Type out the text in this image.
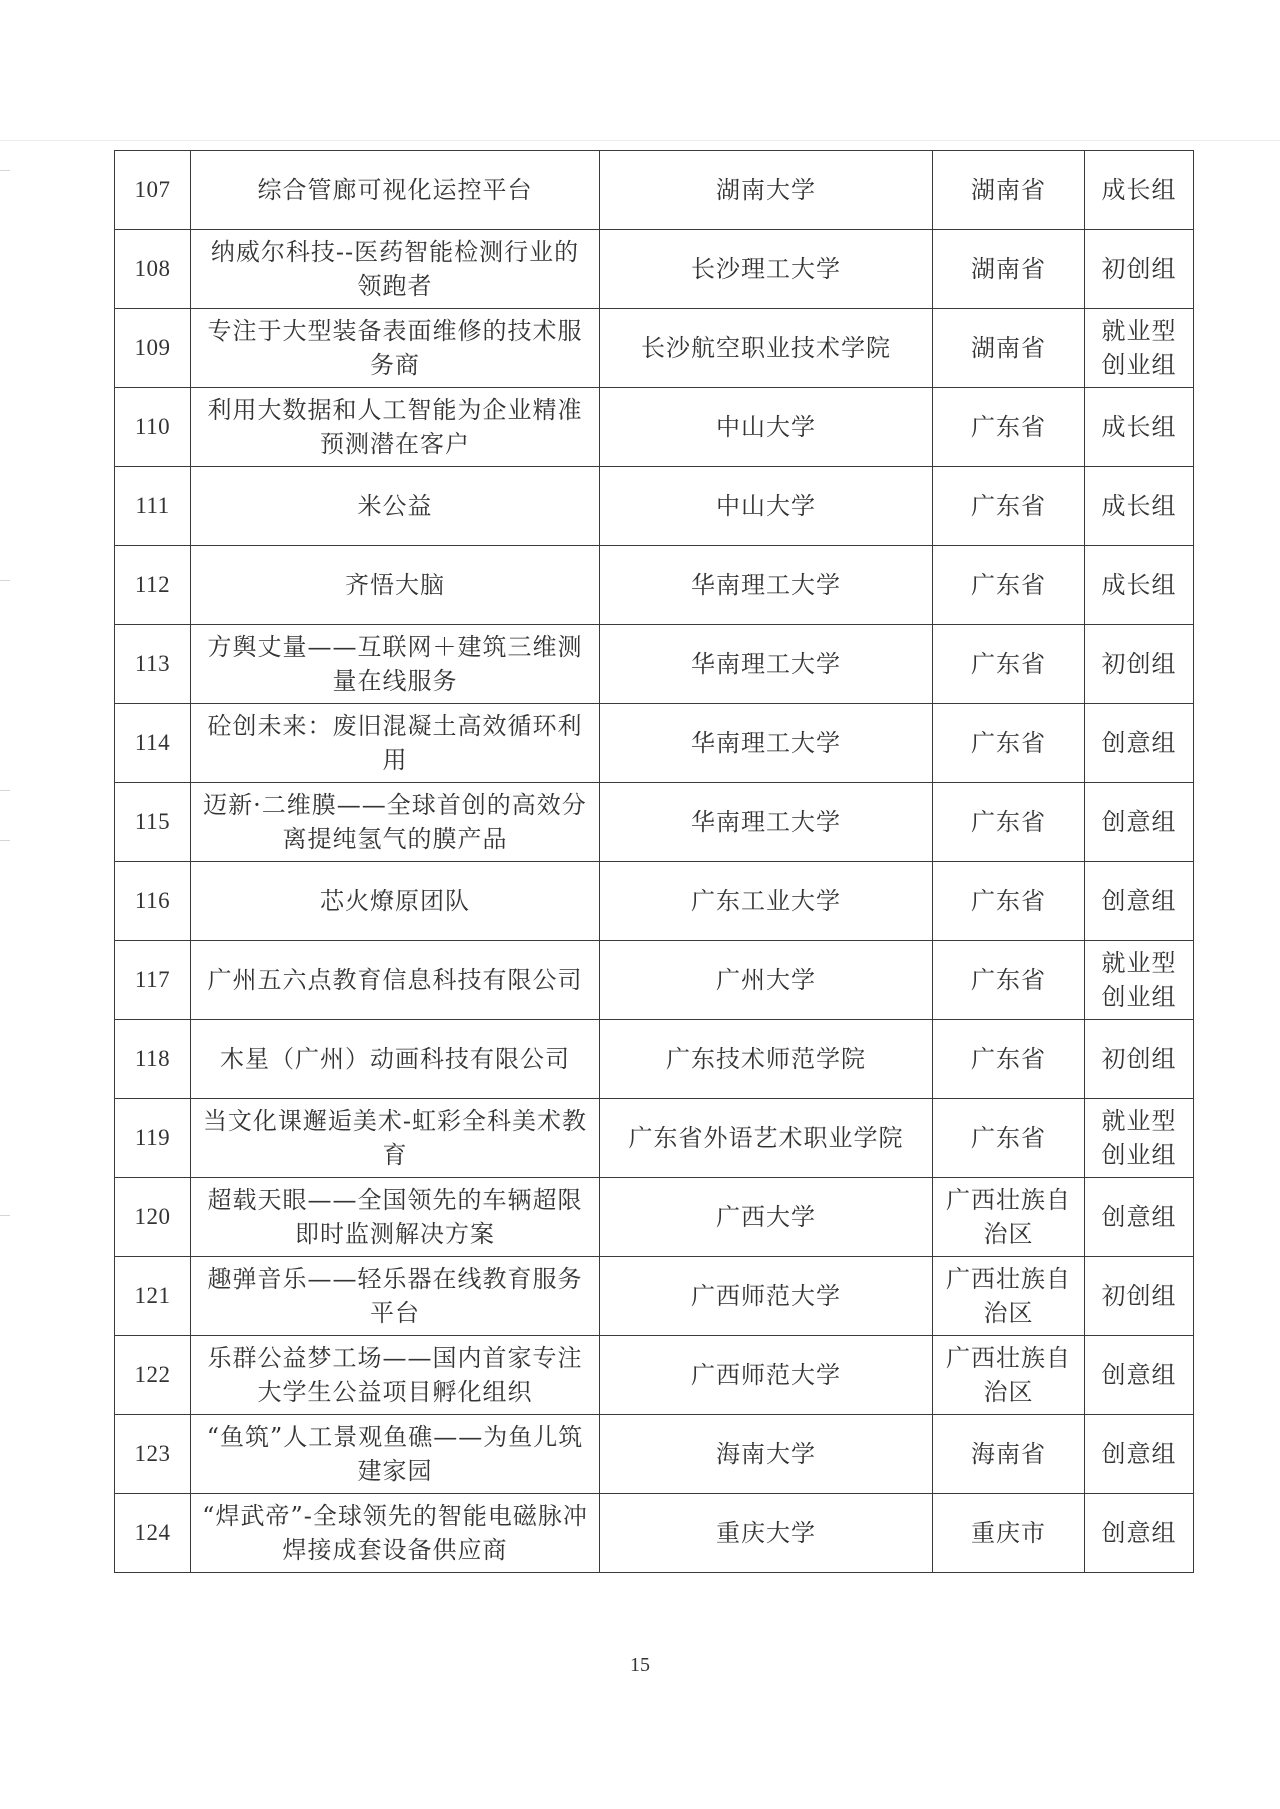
107	综合管廊可视化运控平台	湖南大学	湖南省	成长组
108	纳威尔科技--医药智能检测行业的领跑者	长沙理工大学	湖南省	初创组
109	专注于大型装备表面维修的技术服务商	长沙航空职业技术学院	湖南省	就业型创业组
110	利用大数据和人工智能为企业精准预测潜在客户	中山大学	广东省	成长组
111	米公益	中山大学	广东省	成长组
112	齐悟大脑	华南理工大学	广东省	成长组
113	方舆丈量——互联网＋建筑三维测量在线服务	华南理工大学	广东省	初创组
114	砼创未来：废旧混凝土高效循环利用	华南理工大学	广东省	创意组
115	迈新·二维膜——全球首创的高效分离提纯氢气的膜产品	华南理工大学	广东省	创意组
116	芯火燎原团队	广东工业大学	广东省	创意组
117	广州五六点教育信息科技有限公司	广州大学	广东省	就业型创业组
118	木星（广州）动画科技有限公司	广东技术师范学院	广东省	初创组
119	当文化课邂逅美术-虹彩全科美术教育	广东省外语艺术职业学院	广东省	就业型创业组
120	超载天眼——全国领先的车辆超限即时监测解决方案	广西大学	广西壮族自治区	创意组
121	趣弹音乐——轻乐器在线教育服务平台	广西师范大学	广西壮族自治区	初创组
122	乐群公益梦工场——国内首家专注大学生公益项目孵化组织	广西师范大学	广西壮族自治区	创意组
123	“鱼筑”人工景观鱼礁——为鱼儿筑建家园	海南大学	海南省	创意组
124	“焊武帝”-全球领先的智能电磁脉冲焊接成套设备供应商	重庆大学	重庆市	创意组
15
